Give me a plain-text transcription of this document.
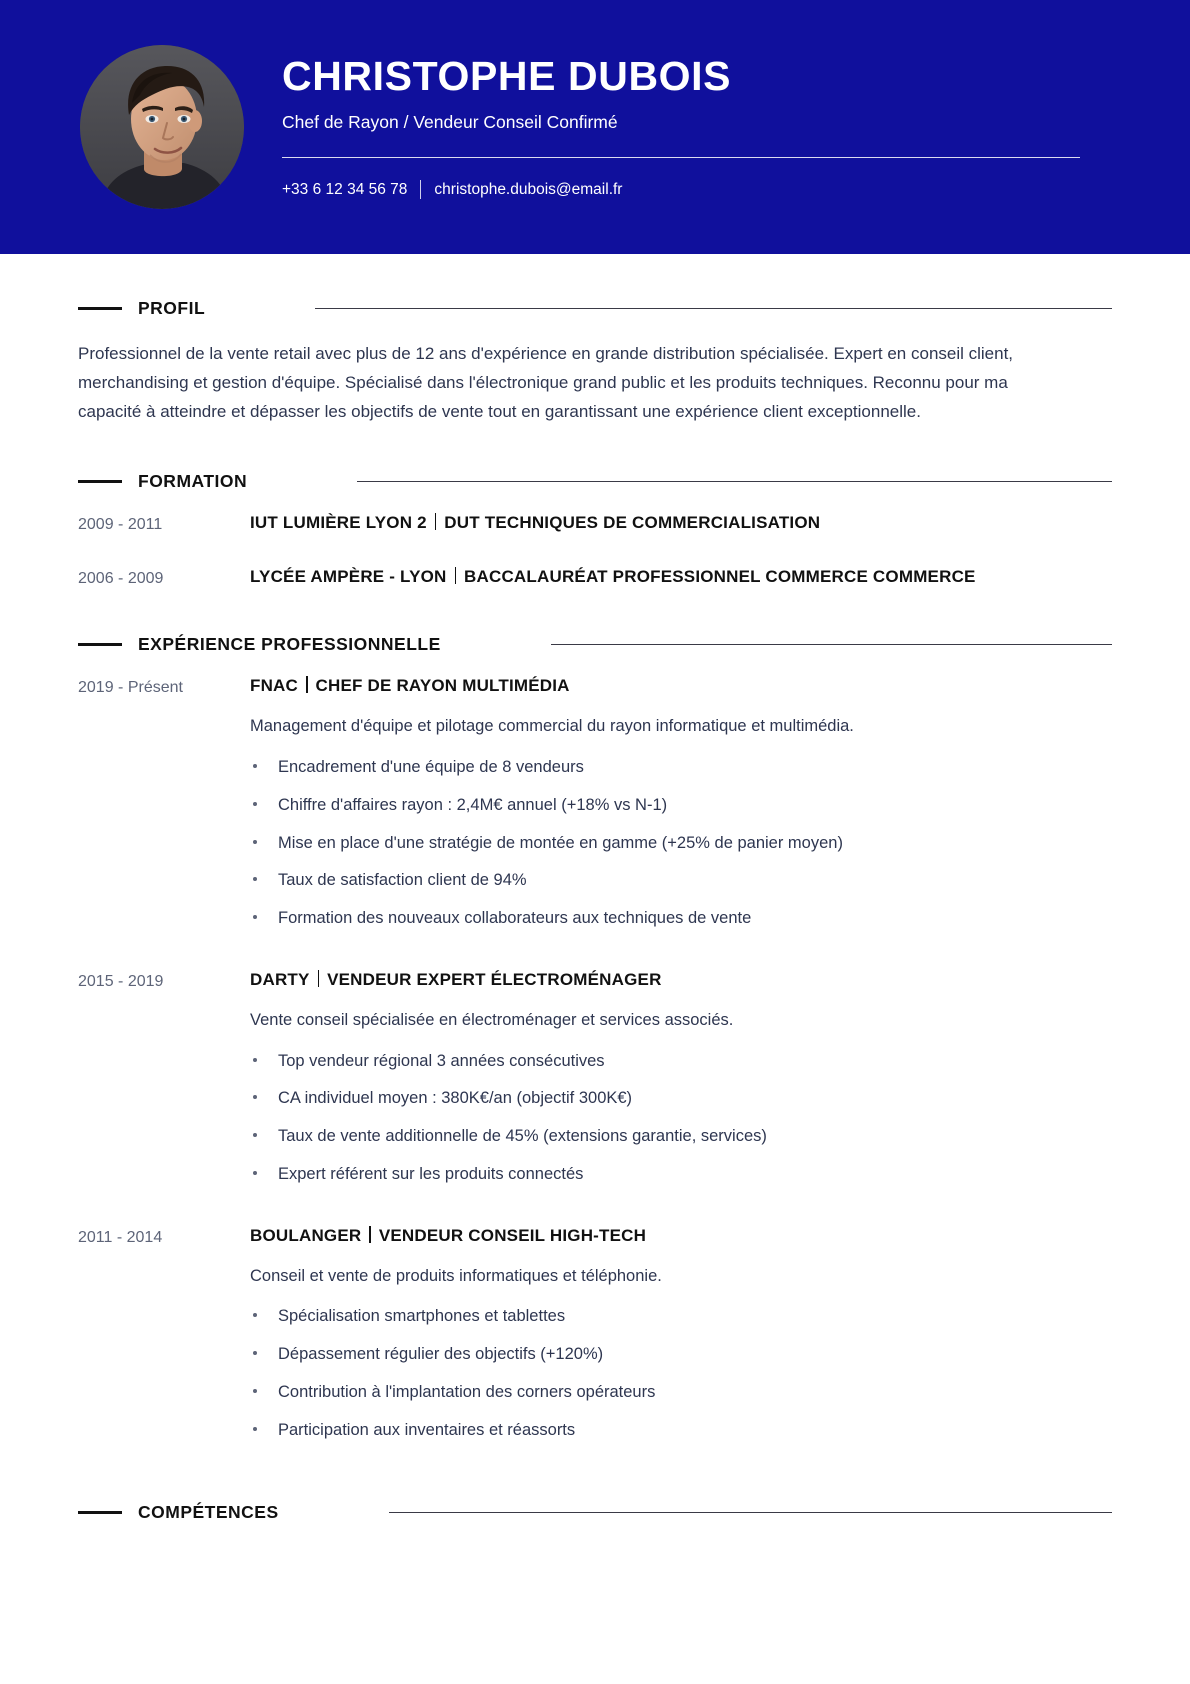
CHRISTOPHE DUBOIS
Chef de Rayon / Vendeur Conseil Confirmé
+33 6 12 34 56 78 christophe.dubois@email.fr
PROFIL

Professionnel de la vente retail avec plus de 12 ans d'expérience en grande distribution spécialisée. Expert en conseil client, merchandising et gestion d'équipe. Spécialisé dans l'électronique grand public et les produits techniques. Reconnu pour ma capacité à atteindre et dépasser les objectifs de vente tout en garantissant une expérience client exceptionnelle.

FORMATION
2009 - 2011	IUT LUMIÈRE LYON 2 DUT TECHNIQUES DE COMMERCIALISATION
2006 - 2009	LYCÉE AMPÈRE - LYON BACCALAURÉAT PROFESSIONNEL COMMERCE COMMERCE
EXPÉRIENCE PROFESSIONNELLE
2019 - Présent	FNAC CHEF DE RAYON MULTIMÉDIA

Management d'équipe et pilotage commercial du rayon informatique et multimédia.

Encadrement d'une équipe de 8 vendeurs
Chiffre d'affaires rayon : 2,4M€ annuel (+18% vs N-1)
Mise en place d'une stratégie de montée en gamme (+25% de panier moyen)
Taux de satisfaction client de 94%
Formation des nouveaux collaborateurs aux techniques de vente
2015 - 2019	DARTY VENDEUR EXPERT ÉLECTROMÉNAGER

Vente conseil spécialisée en électroménager et services associés.

Top vendeur régional 3 années consécutives
CA individuel moyen : 380K€/an (objectif 300K€)
Taux de vente additionnelle de 45% (extensions garantie, services)
Expert référent sur les produits connectés
2011 - 2014	BOULANGER VENDEUR CONSEIL HIGH-TECH

Conseil et vente de produits informatiques et téléphonie.

Spécialisation smartphones et tablettes
Dépassement régulier des objectifs (+120%)
Contribution à l'implantation des corners opérateurs
Participation aux inventaires et réassorts
COMPÉTENCES
